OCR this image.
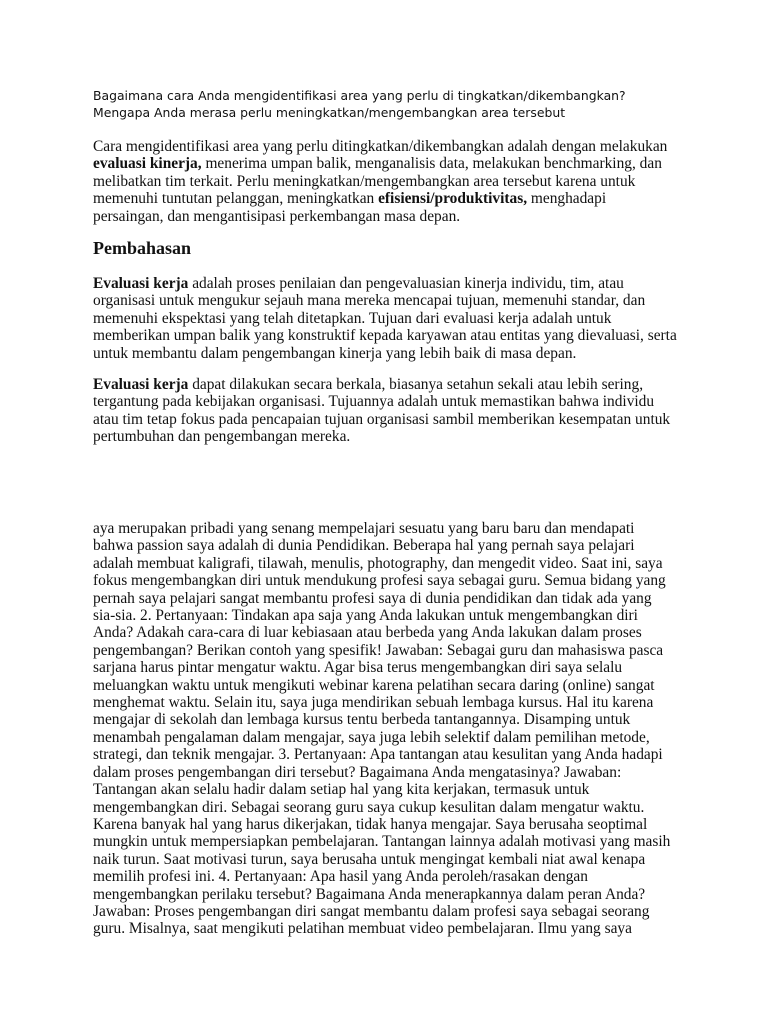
Bagaimana cara Anda mengidentifikasi area yang perlu di tingkatkan/dikembangkan? Mengapa Anda merasa perlu meningkatkan/mengembangkan area tersebut

Cara mengidentifikasi area yang perlu ditingkatkan/dikembangkan adalah dengan melakukan evaluasi kinerja, menerima umpan balik, menganalisis data, melakukan benchmarking, dan melibatkan tim terkait. Perlu meningkatkan/mengembangkan area tersebut karena untuk memenuhi tuntutan pelanggan, meningkatkan efisiensi/produktivitas, menghadapi persaingan, dan mengantisipasi perkembangan masa depan.

Pembahasan

Evaluasi kerja adalah proses penilaian dan pengevaluasian kinerja individu, tim, atau organisasi untuk mengukur sejauh mana mereka mencapai tujuan, memenuhi standar, dan memenuhi ekspektasi yang telah ditetapkan. Tujuan dari evaluasi kerja adalah untuk memberikan umpan balik yang konstruktif kepada karyawan atau entitas yang dievaluasi, serta untuk membantu dalam pengembangan kinerja yang lebih baik di masa depan.

Evaluasi kerja dapat dilakukan secara berkala, biasanya setahun sekali atau lebih sering, tergantung pada kebijakan organisasi. Tujuannya adalah untuk memastikan bahwa individu atau tim tetap fokus pada pencapaian tujuan organisasi sambil memberikan kesempatan untuk pertumbuhan dan pengembangan mereka.

aya merupakan pribadi yang senang mempelajari sesuatu yang baru baru dan mendapati bahwa passion saya adalah di dunia Pendidikan. Beberapa hal yang pernah saya pelajari adalah membuat kaligrafi, tilawah, menulis, photography, dan mengedit video. Saat ini, saya fokus mengembangkan diri untuk mendukung profesi saya sebagai guru. Semua bidang yang pernah saya pelajari sangat membantu profesi saya di dunia pendidikan dan tidak ada yang sia-sia. 2. Pertanyaan: Tindakan apa saja yang Anda lakukan untuk mengembangkan diri Anda? Adakah cara-cara di luar kebiasaan atau berbeda yang Anda lakukan dalam proses pengembangan? Berikan contoh yang spesifik! Jawaban: Sebagai guru dan mahasiswa pasca sarjana harus pintar mengatur waktu. Agar bisa terus mengembangkan diri saya selalu meluangkan waktu untuk mengikuti webinar karena pelatihan secara daring (online) sangat menghemat waktu. Selain itu, saya juga mendirikan sebuah lembaga kursus. Hal itu karena mengajar di sekolah dan lembaga kursus tentu berbeda tantangannya. Disamping untuk menambah pengalaman dalam mengajar, saya juga lebih selektif dalam pemilihan metode, strategi, dan teknik mengajar. 3. Pertanyaan: Apa tantangan atau kesulitan yang Anda hadapi dalam proses pengembangan diri tersebut? Bagaimana Anda mengatasinya? Jawaban: Tantangan akan selalu hadir dalam setiap hal yang kita kerjakan, termasuk untuk mengembangkan diri. Sebagai seorang guru saya cukup kesulitan dalam mengatur waktu. Karena banyak hal yang harus dikerjakan, tidak hanya mengajar. Saya berusaha seoptimal mungkin untuk mempersiapkan pembelajaran. Tantangan lainnya adalah motivasi yang masih naik turun. Saat motivasi turun, saya berusaha untuk mengingat kembali niat awal kenapa memilih profesi ini. 4. Pertanyaan: Apa hasil yang Anda peroleh/rasakan dengan mengembangkan perilaku tersebut? Bagaimana Anda menerapkannya dalam peran Anda? Jawaban: Proses pengembangan diri sangat membantu dalam profesi saya sebagai seorang guru. Misalnya, saat mengikuti pelatihan membuat video pembelajaran. Ilmu yang saya
